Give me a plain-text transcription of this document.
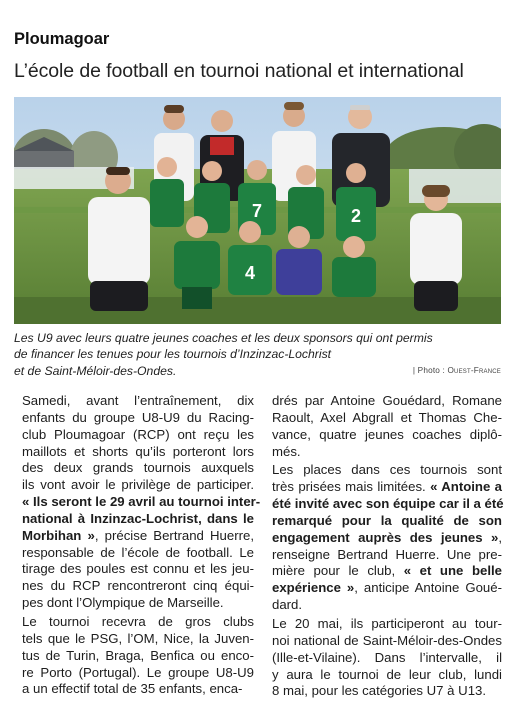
Ploumagoar
L’école de football en tournoi national et international
7	2
4
Les U9 avec leurs quatre jeunes coaches et les deux sponsors qui ont permis
de financer les tenues pour les tournois d’Inzinzac-Lochrist
et de Saint-Méloir-des-Ondes.	| Photo : Ouest-France

Samedi, avant l’entraînement, dix
enfants du groupe U8-U9 du Racing-
club Ploumagoar (RCP) ont reçu les
maillots et shorts qu’ils porteront lors
des deux grands tournois auxquels
ils vont avoir le privilège de participer.
« Ils seront le 29 avril au tournoi inter-
national à Inzinzac-Lochrist, dans le
Morbihan », précise Bertrand Huerre,
responsable de l’école de football. Le
tirage des poules est connu et les jeu-
nes du RCP rencontreront cinq équi-
pes dont l’Olympique de Marseille.

Le tournoi recevra de gros clubs
tels que le PSG, l’OM, Nice, la Juven-
tus de Turin, Braga, Benfica ou enco-
re Porto (Portugal). Le groupe U8-U9
a un effectif total de 35 enfants, enca-

drés par Antoine Gouédard, Romane
Raoult, Axel Abgrall et Thomas Che-
vance, quatre jeunes coaches diplô-
més.

Les places dans ces tournois sont
très prisées mais limitées. « Antoine a
été invité avec son équipe car il a été
remarqué pour la qualité de son
engagement auprès des jeunes »,
renseigne Bertrand Huerre. Une pre-
mière pour le club, « et une belle
expérience », anticipe Antoine Goué-
dard.

Le 20 mai, ils participeront au tour-
noi national de Saint-Méloir-des-Ondes
(Ille-et-Vilaine). Dans l’intervalle, il
y aura le tournoi de leur club, lundi
8 mai, pour les catégories U7 à U13.
